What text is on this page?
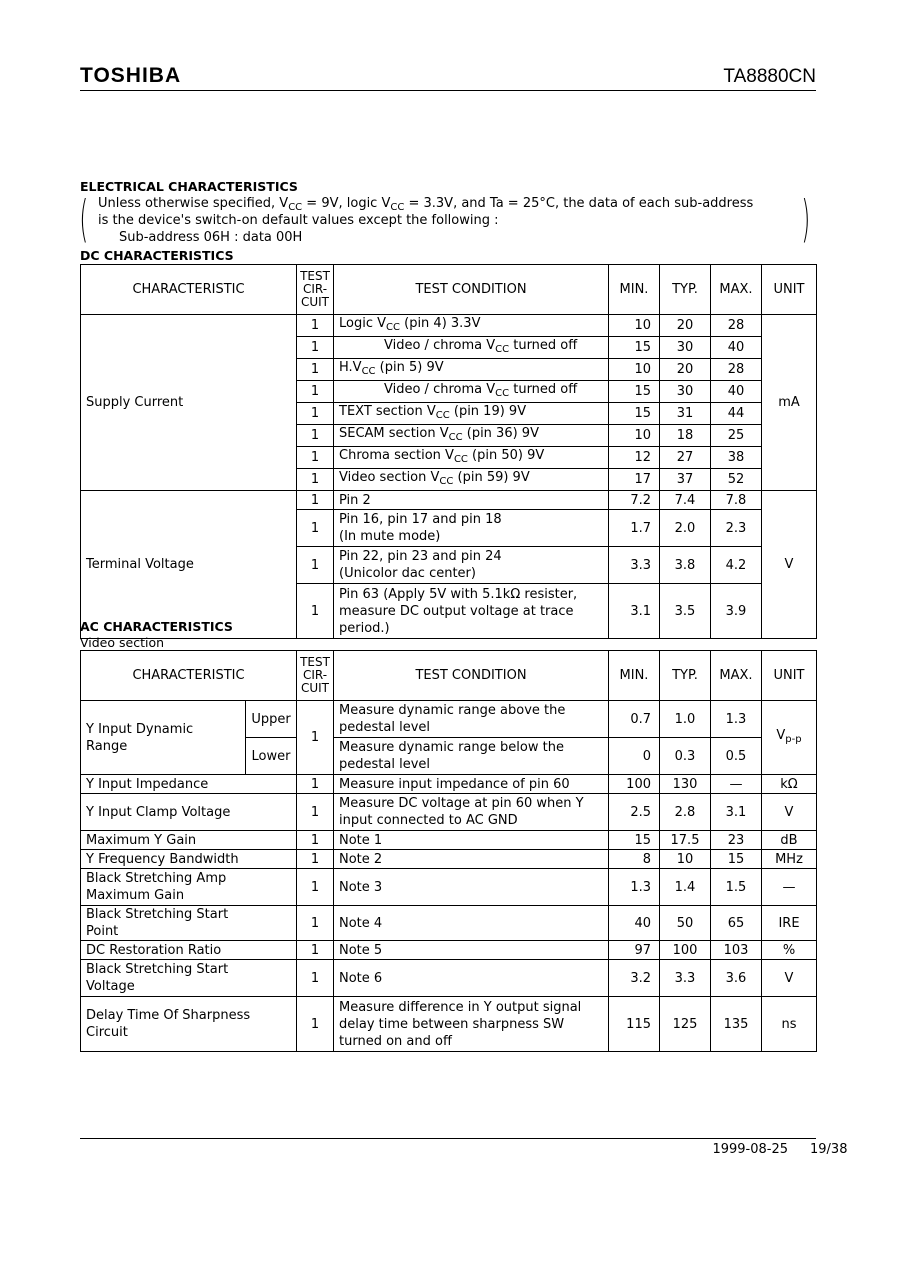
TOSHIBA	TA8880CN
ELECTRICAL CHARACTERISTICS
(	)
Unless otherwise specified, $V_{CC} = 9V$, logic $V_{CC} = 3.3V$, and Ta = 25°C, the data of each sub-address
is the device's switch-on default values except the following :
Sub-address 06H : data 00H
DC CHARACTERISTICS
CHARACTERISTIC	TEST
CIR-
CUIT	TEST CONDITION	MIN.	TYP.	MAX.	UNIT
Supply Current	1	Logic $V_{CC}$ (pin 4) 3.3V	10	20	28	mA
	1	Video / chroma $V_{CC}$ turned off	15	30	40	
	1	$H.V_{CC}$ (pin 5) 9V	10	20	28	
	1	Video / chroma $V_{CC}$ turned off	15	30	40	
	1	TEXT section $V_{CC}$ (pin 19) 9V	15	31	44	
	1	SECAM section $V_{CC}$ (pin 36) 9V	10	18	25	
	1	Chroma section $V_{CC}$ (pin 50) 9V	12	27	38	
	1	Video section $V_{CC}$ (pin 59) 9V	17	37	52	
Terminal Voltage	1	Pin 2	7.2	7.4	7.8	V
	1	Pin 16, pin 17 and pin 18
(In mute mode)	1.7	2.0	2.3	
	1	Pin 22, pin 23 and pin 24
(Unicolor dac center)	3.3	3.8	4.2	
	1	Pin 63 (Apply 5V with 5.1kΩ resister,
measure DC output voltage at trace
period.)	3.1	3.5	3.9	
AC CHARACTERISTICS
Video section
CHARACTERISTIC		TEST
CIR-
CUIT	TEST CONDITION	MIN.	TYP.	MAX.	UNIT
Y Input Dynamic Range	Upper	1	Measure dynamic range above the pedestal level	0.7	1.0	1.3	$V_{p-p}$
	Lower		Measure dynamic range below the pedestal level	0	0.3	0.5	
Y Input Impedance		1	Measure input impedance of pin 60	100	130	—	kΩ
Y Input Clamp Voltage		1	Measure DC voltage at pin 60 when Y input connected to AC GND	2.5	2.8	3.1	V
Maximum Y Gain		1	Note 1	15	17.5	23	dB
Y Frequency Bandwidth		1	Note 2	8	10	15	MHz
Black Stretching Amp Maximum Gain		1	Note 3	1.3	1.4	1.5	—
Black Stretching Start Point		1	Note 4	40	50	65	IRE
DC Restoration Ratio		1	Note 5	97	100	103	%
Black Stretching Start Voltage		1	Note 6	3.2	3.3	3.6	V
Delay Time Of Sharpness Circuit		1	Measure difference in Y output signal delay time between sharpness SW turned on and off	115	125	135	ns
1999-08-25 19/38
